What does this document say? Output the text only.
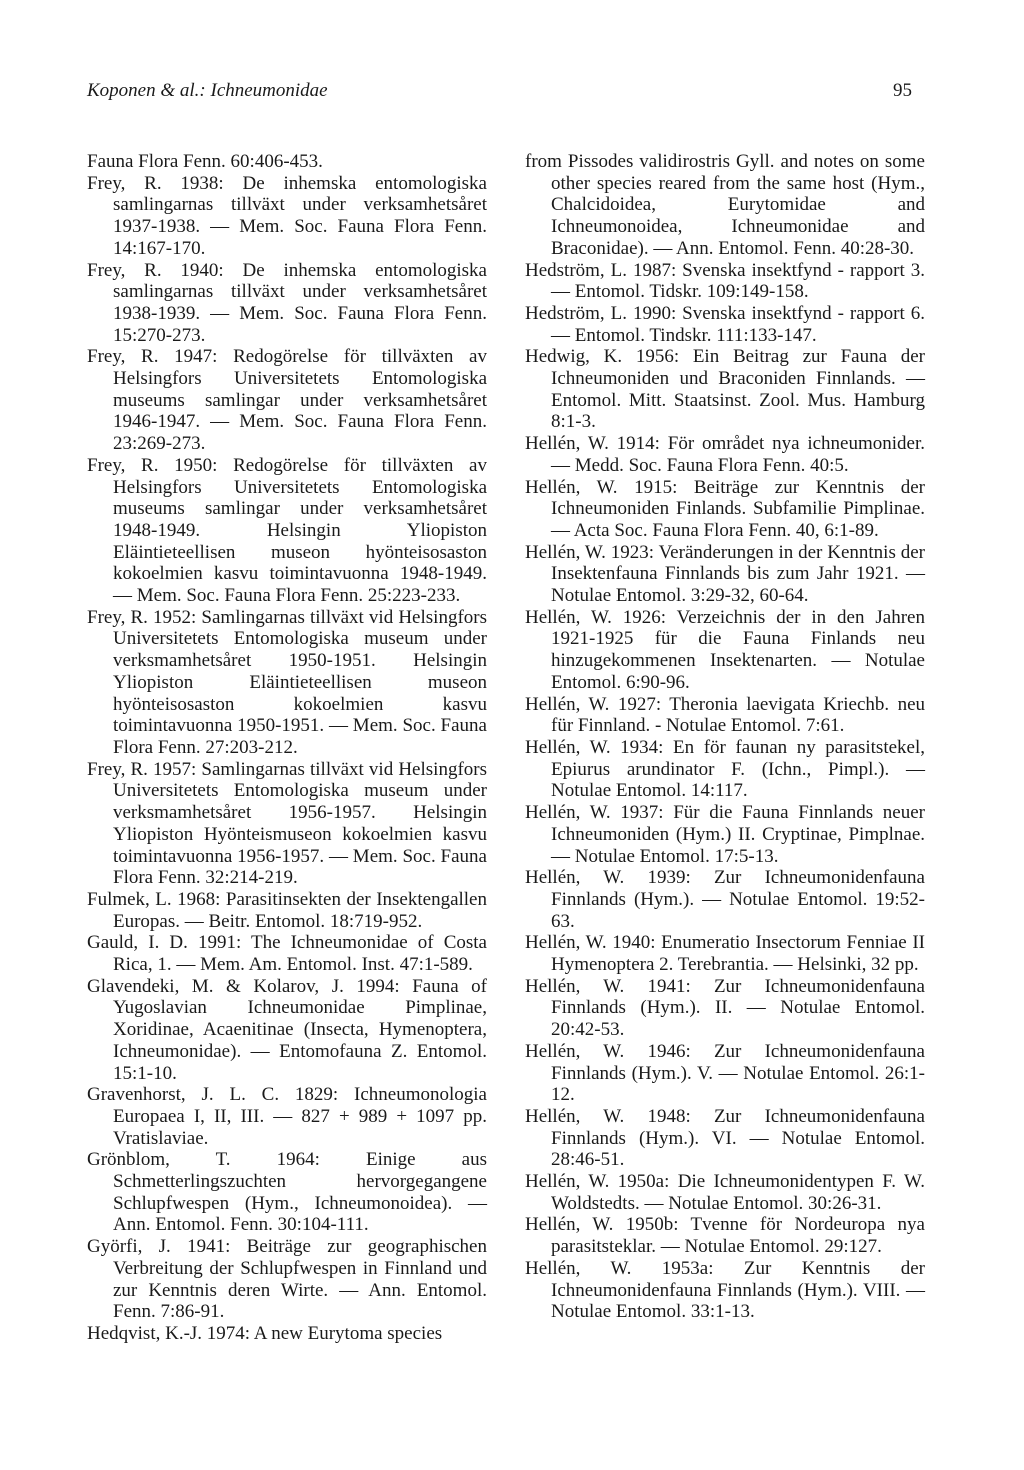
Koponen & al.: Ichneumonidae	95

Fauna Flora Fenn. 60:406-453.

Frey, R. 1938: De inhemska entomologiska samlingarnas tillväxt under verksamhetsåret 1937-1938. — Mem. Soc. Fauna Flora Fenn. 14:167-170.

Frey, R. 1940: De inhemska entomologiska samlingarnas tillväxt under verksamhetsåret 1938-1939. — Mem. Soc. Fauna Flora Fenn. 15:270-273.

Frey, R. 1947: Redogörelse för tillväxten av Helsingfors Universitetets Entomologiska museums samlingar under verksamhetsåret 1946-1947. — Mem. Soc. Fauna Flora Fenn. 23:269-273.

Frey, R. 1950: Redogörelse för tillväxten av Helsingfors Universitetets Entomologiska museums samlingar under verksamhetsåret 1948-1949. Helsingin Yliopiston Eläintieteellisen museon hyönteisosaston kokoelmien kasvu toimintavuonna 1948-1949. — Mem. Soc. Fauna Flora Fenn. 25:223-233.

Frey, R. 1952: Samlingarnas tillväxt vid Helsingfors Universitetets Entomologiska museum under verksmamhetsåret 1950-1951. Helsingin Yliopiston Eläintieteellisen museon hyönteisosaston kokoelmien kasvu toimintavuonna 1950-1951. — Mem. Soc. Fauna Flora Fenn. 27:203-212.

Frey, R. 1957: Samlingarnas tillväxt vid Helsingfors Universitetets Entomologiska museum under verksmamhetsåret 1956-1957. Helsingin Yliopiston Hyönteismuseon kokoelmien kasvu toimintavuonna 1956-1957. — Mem. Soc. Fauna Flora Fenn. 32:214-219.

Fulmek, L. 1968: Parasitinsekten der Insektengallen Europas. — Beitr. Entomol. 18:719-952.

Gauld, I. D. 1991: The Ichneumonidae of Costa Rica, 1. — Mem. Am. Entomol. Inst. 47:1-589.

Glavendeki, M. & Kolarov, J. 1994: Fauna of Yugoslavian Ichneumonidae Pimplinae, Xoridinae, Acaenitinae (Insecta, Hymenoptera, Ichneumonidae). — Entomofauna Z. Entomol. 15:1-10.

Gravenhorst, J. L. C. 1829: Ichneumonologia Europaea I, II, III. — 827 + 989 + 1097 pp. Vratislaviae.

Grönblom, T. 1964: Einige aus Schmetterlingszuchten hervorgegangene Schlupfwespen (Hym., Ichneumonoidea). — Ann. Entomol. Fenn. 30:104-111.

Györfi, J. 1941: Beiträge zur geographischen Verbreitung der Schlupfwespen in Finnland und zur Kenntnis deren Wirte. — Ann. Entomol. Fenn. 7:86-91.

Hedqvist, K.-J. 1974: A new Eurytoma species

from Pissodes validirostris Gyll. and notes on some other species reared from the same host (Hym., Chalcidoidea, Eurytomidae and Ichneumonoidea, Ichneumonidae and Braconidae). — Ann. Entomol. Fenn. 40:28-30.

Hedström, L. 1987: Svenska insektfynd - rapport 3. — Entomol. Tidskr. 109:149-158.

Hedström, L. 1990: Svenska insektfynd - rapport 6. — Entomol. Tindskr. 111:133-147.

Hedwig, K. 1956: Ein Beitrag zur Fauna der Ichneumoniden und Braconiden Finnlands. — Entomol. Mitt. Staatsinst. Zool. Mus. Hamburg 8:1-3.

Hellén, W. 1914: För området nya ichneumonider. — Medd. Soc. Fauna Flora Fenn. 40:5.

Hellén, W. 1915: Beiträge zur Kenntnis der Ichneumoniden Finlands. Subfamilie Pimplinae. — Acta Soc. Fauna Flora Fenn. 40, 6:1-89.

Hellén, W. 1923: Veränderungen in der Kenntnis der Insektenfauna Finnlands bis zum Jahr 1921. — Notulae Entomol. 3:29-32, 60-64.

Hellén, W. 1926: Verzeichnis der in den Jahren 1921-1925 für die Fauna Finlands neu hinzugekommenen Insektenarten. — Notulae Entomol. 6:90-96.

Hellén, W. 1927: Theronia laevigata Kriechb. neu für Finnland. - Notulae Entomol. 7:61.

Hellén, W. 1934: En för faunan ny parasitstekel, Epiurus arundinator F. (Ichn., Pimpl.). — Notulae Entomol. 14:117.

Hellén, W. 1937: Für die Fauna Finnlands neuer Ichneumoniden (Hym.) II. Cryptinae, Pimplnae. — Notulae Entomol. 17:5-13.

Hellén, W. 1939: Zur Ichneumonidenfauna Finnlands (Hym.). — Notulae Entomol. 19:52-63.

Hellén, W. 1940: Enumeratio Insectorum Fenniae II Hymenoptera 2. Terebrantia. — Helsinki, 32 pp.

Hellén, W. 1941: Zur Ichneumonidenfauna Finnlands (Hym.). II. — Notulae Entomol. 20:42-53.

Hellén, W. 1946: Zur Ichneumonidenfauna Finnlands (Hym.). V. — Notulae Entomol. 26:1-12.

Hellén, W. 1948: Zur Ichneumonidenfauna Finnlands (Hym.). VI. — Notulae Entomol. 28:46-51.

Hellén, W. 1950a: Die Ichneumonidentypen F. W. Woldstedts. — Notulae Entomol. 30:26-31.

Hellén, W. 1950b: Tvenne för Nordeuropa nya parasitsteklar. — Notulae Entomol. 29:127.

Hellén, W. 1953a: Zur Kenntnis der Ichneumonidenfauna Finnlands (Hym.). VIII. — Notulae Entomol. 33:1-13.
